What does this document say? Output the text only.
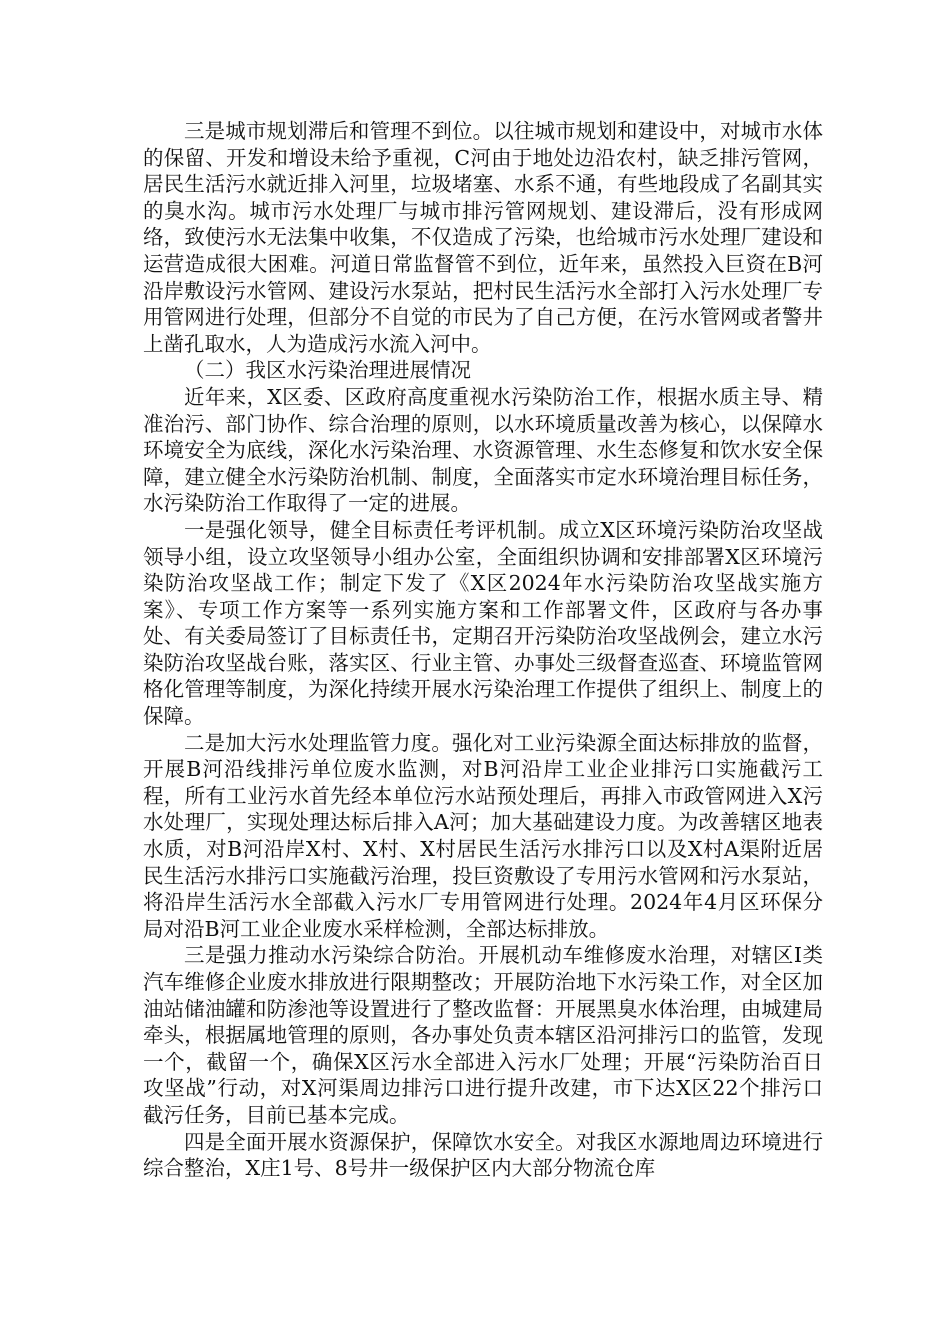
三是城市规划滞后和管理不到位。以往城市规划和建设中，对城市水体的保留、开发和增设未给予重视，C河由于地处边沿农村，缺乏排污管网，居民生活污水就近排入河里，垃圾堵塞、水系不通，有些地段成了名副其实的臭水沟。城市污水处理厂与城市排污管网规划、建设滞后，没有形成网络，致使污水无法集中收集，不仅造成了污染，也给城市污水处理厂建设和运营造成很大困难。河道日常监督管不到位，近年来，虽然投入巨资在B河沿岸敷设污水管网、建设污水泵站，把村民生活污水全部打入污水处理厂专用管网进行处理，但部分不自觉的市民为了自己方便，在污水管网或者警井上凿孔取水，人为造成污水流入河中。

（二）我区水污染治理进展情况

近年来，X区委、区政府高度重视水污染防治工作，根据水质主导、精准治污、部门协作、综合治理的原则，以水环境质量改善为核心，以保障水环境安全为底线，深化水污染治理、水资源管理、水生态修复和饮水安全保障，建立健全水污染防治机制、制度，全面落实市定水环境治理目标任务，水污染防治工作取得了一定的进展。

一是强化领导，健全目标责任考评机制。成立X区环境污染防治攻坚战领导小组，设立攻坚领导小组办公室，全面组织协调和安排部署X区环境污染防治攻坚战工作；制定下发了《X区2024年水污染防治攻坚战实施方案》、专项工作方案等一系列实施方案和工作部署文件，区政府与各办事处、有关委局签订了目标责任书，定期召开污染防治攻坚战例会，建立水污染防治攻坚战台账，落实区、行业主管、办事处三级督查巡查、环境监管网格化管理等制度，为深化持续开展水污染治理工作提供了组织上、制度上的保障。

二是加大污水处理监管力度。强化对工业污染源全面达标排放的监督，开展B河沿线排污单位废水监测，对B河沿岸工业企业排污口实施截污工程，所有工业污水首先经本单位污水站预处理后，再排入市政管网进入X污水处理厂，实现处理达标后排入A河；加大基础建设力度。为改善辖区地表水质，对B河沿岸X村、X村、X村居民生活污水排污口以及X村A渠附近居民生活污水排污口实施截污治理，投巨资敷设了专用污水管网和污水泵站，将沿岸生活污水全部截入污水厂专用管网进行处理。2024年4月区环保分局对沿B河工业企业废水采样检测，全部达标排放。

三是强力推动水污染综合防治。开展机动车维修废水治理，对辖区I类汽车维修企业废水排放进行限期整改；开展防治地下水污染工作，对全区加油站储油罐和防渗池等设置进行了整改监督：开展黑臭水体治理，由城建局牵头，根据属地管理的原则，各办事处负责本辖区沿河排污口的监管，发现一个，截留一个，确保X区污水全部进入污水厂处理；开展“污染防治百日攻坚战”行动，对X河渠周边排污口进行提升改建，市下达X区22个排污口截污任务，目前已基本完成。

四是全面开展水资源保护，保障饮水安全。对我区水源地周边环境进行综合整治，X庄1号、8号井一级保护区内大部分物流仓库
